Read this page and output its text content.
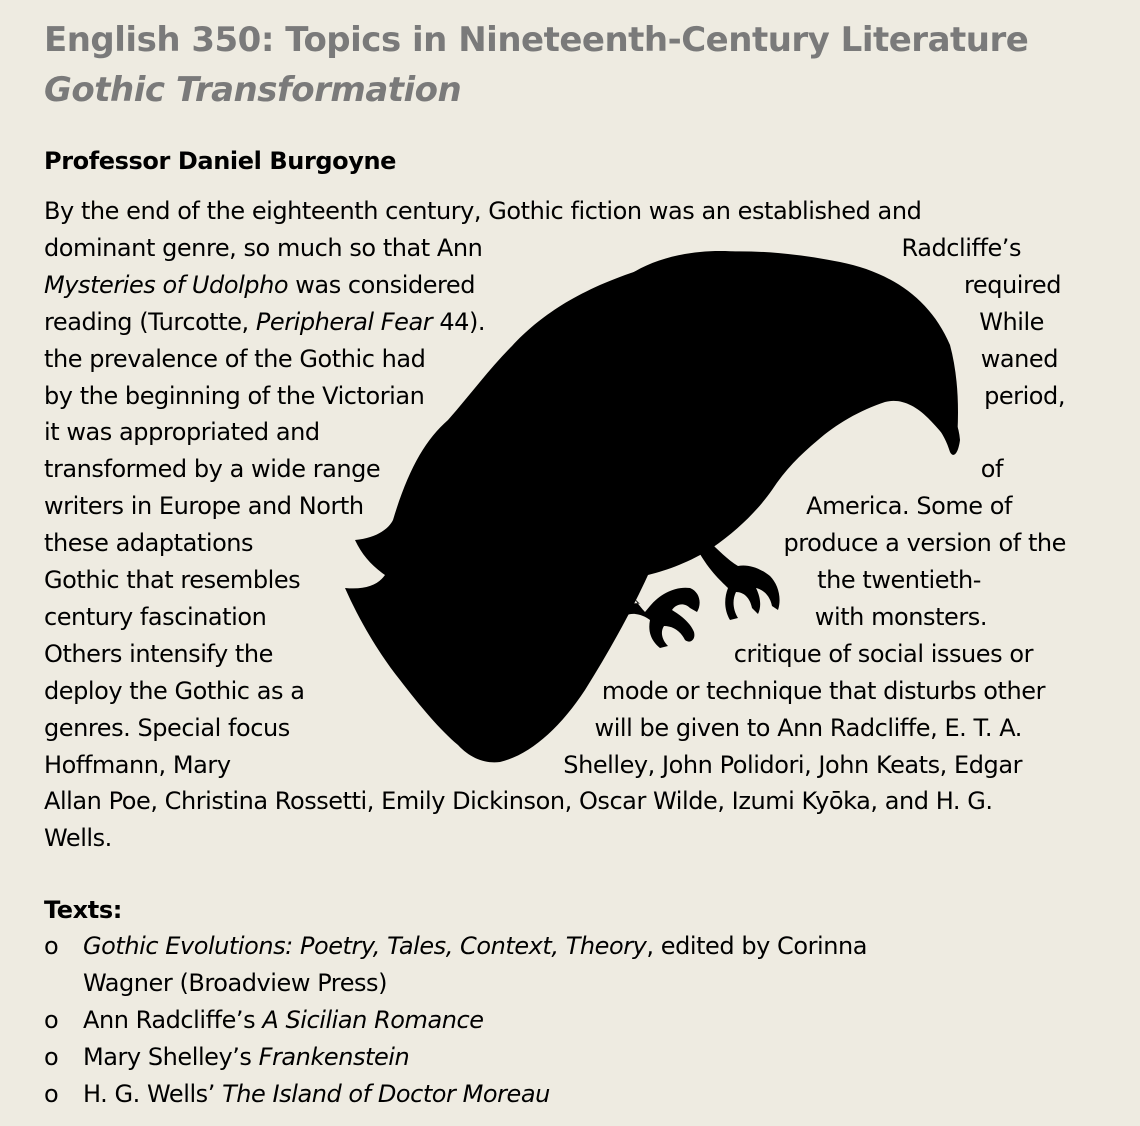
English 350: Topics in Nineteenth-Century Literature
Gothic Transformation
Professor Daniel Burgoyne
By the end of the eighteenth century, Gothic fiction was an established and
dominant genre, so much so that Ann	Radcliffe’s
Mysteries of Udolpho was considered	required
reading (Turcotte, Peripheral Fear 44).	While
the prevalence of the Gothic had	waned
by the beginning of the Victorian	period,
it was appropriated and
transformed by a wide range	of
writers in Europe and North	America. Some of
these adaptations	produce a version of the
Gothic that resembles	the twentieth-
century fascination	with monsters.
Others intensify the	critique of social issues or
deploy the Gothic as a	mode or technique that disturbs other
genres. Special focus	will be given to Ann Radcliffe, E. T. A.
Hoffmann, Mary	Shelley, John Polidori, John Keats, Edgar
Allan Poe, Christina Rossetti, Emily Dickinson, Oscar Wilde, Izumi Kyōka, and H. G.
Wells.
Texts:
o Gothic Evolutions: Poetry, Tales, Context, Theory, edited by Corinna
Wagner (Broadview Press)
o Ann Radcliffe’s A Sicilian Romance
o Mary Shelley’s Frankenstein
o H. G. Wells’ The Island of Doctor Moreau
